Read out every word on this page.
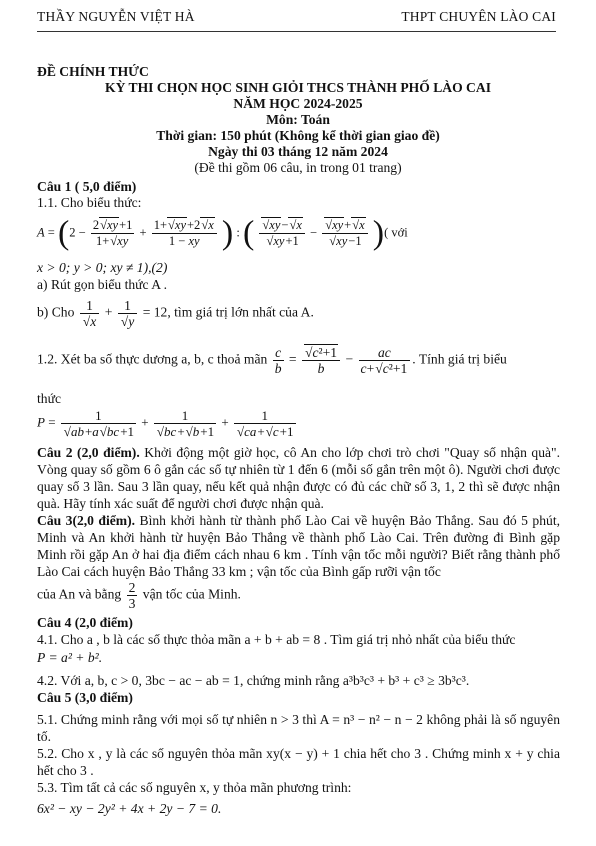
THẦY NGUYỄN VIỆT HÀ	THPT CHUYÊN LÀO CAI
ĐỀ CHÍNH THỨC
KỲ THI CHỌN HỌC SINH GIỎI THCS THÀNH PHỐ LÀO CAI
NĂM HỌC 2024-2025
Môn: Toán
Thời gian: 150 phút (Không kể thời gian giao đề)
Ngày thi 03 tháng 12 năm 2024
(Đề thi gồm 06 câu, in trong 01 trang)
Câu 1 ( 5,0 điểm)
1.1. Cho biểu thức:
$A = (2 - \frac{2 √ xy+1}{1+ √ xy} + \frac{1+ √ xy+2 √ x}{1 - xy}$ ) : ( √ xy− √ x
√ xy+1 − √ xy+ √ x
√ xy−1 )( với
x > 0; y > 0; xy ≠ 1),(2)
a) Rút gọn biểu thức A .
b) Cho 1
√ x + 1
√ y = 12, tìm giá trị lớn nhất của A.
1.2. Xét ba số thực dương a, b, c thoả mãn $\frac{c}{b}$ = √ $\frac{\text{c²+1}}{b} - \frac{ac}{\text{c+ √ c²+1}}$ . Tính giá trị biểu
thức
P = 1
√ ab+a √ bc+1 + 1
√ bc+ √ b+1 + 1
√ ca+ √ c+1
Câu 2 (2,0 điểm). Khởi động một giờ học, cô An cho lớp chơi trò chơi "Quay số nhận quà". Vòng quay số gồm 6 ô gắn các số tự nhiên từ 1 đến 6 (mỗi số gắn trên một ô). Người chơi được quay số 3 lần. Sau 3 lần quay, nếu kết quả nhận được có đủ các chữ số 3, 1, 2 thì sẽ được nhận quà. Hãy tính xác suất để người chơi được nhận quà.
Câu 3(2,0 điểm). Bình khởi hành từ thành phố Lào Cai về huyện Bảo Thắng. Sau đó 5 phút, Minh và An khởi hành từ huyện Bảo Thắng về thành phố Lào Cai. Trên đường đi Bình gặp Minh rồi gặp An ở hai địa điểm cách nhau 6 km . Tính vận tốc mỗi người? Biết rằng thành phố Lào Cai cách huyện Bảo Thắng 33 km ; vận tốc của Bình gấp rưỡi vận tốc
của An và bằng $\frac{2}{3}$ vận tốc của Minh.
Câu 4 (2,0 điểm)
4.1. Cho a , b là các số thực thỏa mãn a + b + ab = 8 . Tìm giá trị nhỏ nhất của biểu thức
P = a² + b².
4.2. Với a, b, c > 0, 3bc − ac − ab = 1, chứng minh rằng a³b³c³ + b³ + c³ ≥ 3b³c³.
Câu 5 (3,0 điểm)
5.1. Chứng minh rằng với mọi số tự nhiên n > 3 thì A = n³ − n² − n − 2 không phải là số nguyên tố.
5.2. Cho x , y là các số nguyên thỏa mãn xy(x − y) + 1 chia hết cho 3 . Chứng minh x + y chia hết cho 3 .
5.3. Tìm tất cả các số nguyên x, y thỏa mãn phương trình:
6x² − xy − 2y² + 4x + 2y − 7 = 0.
